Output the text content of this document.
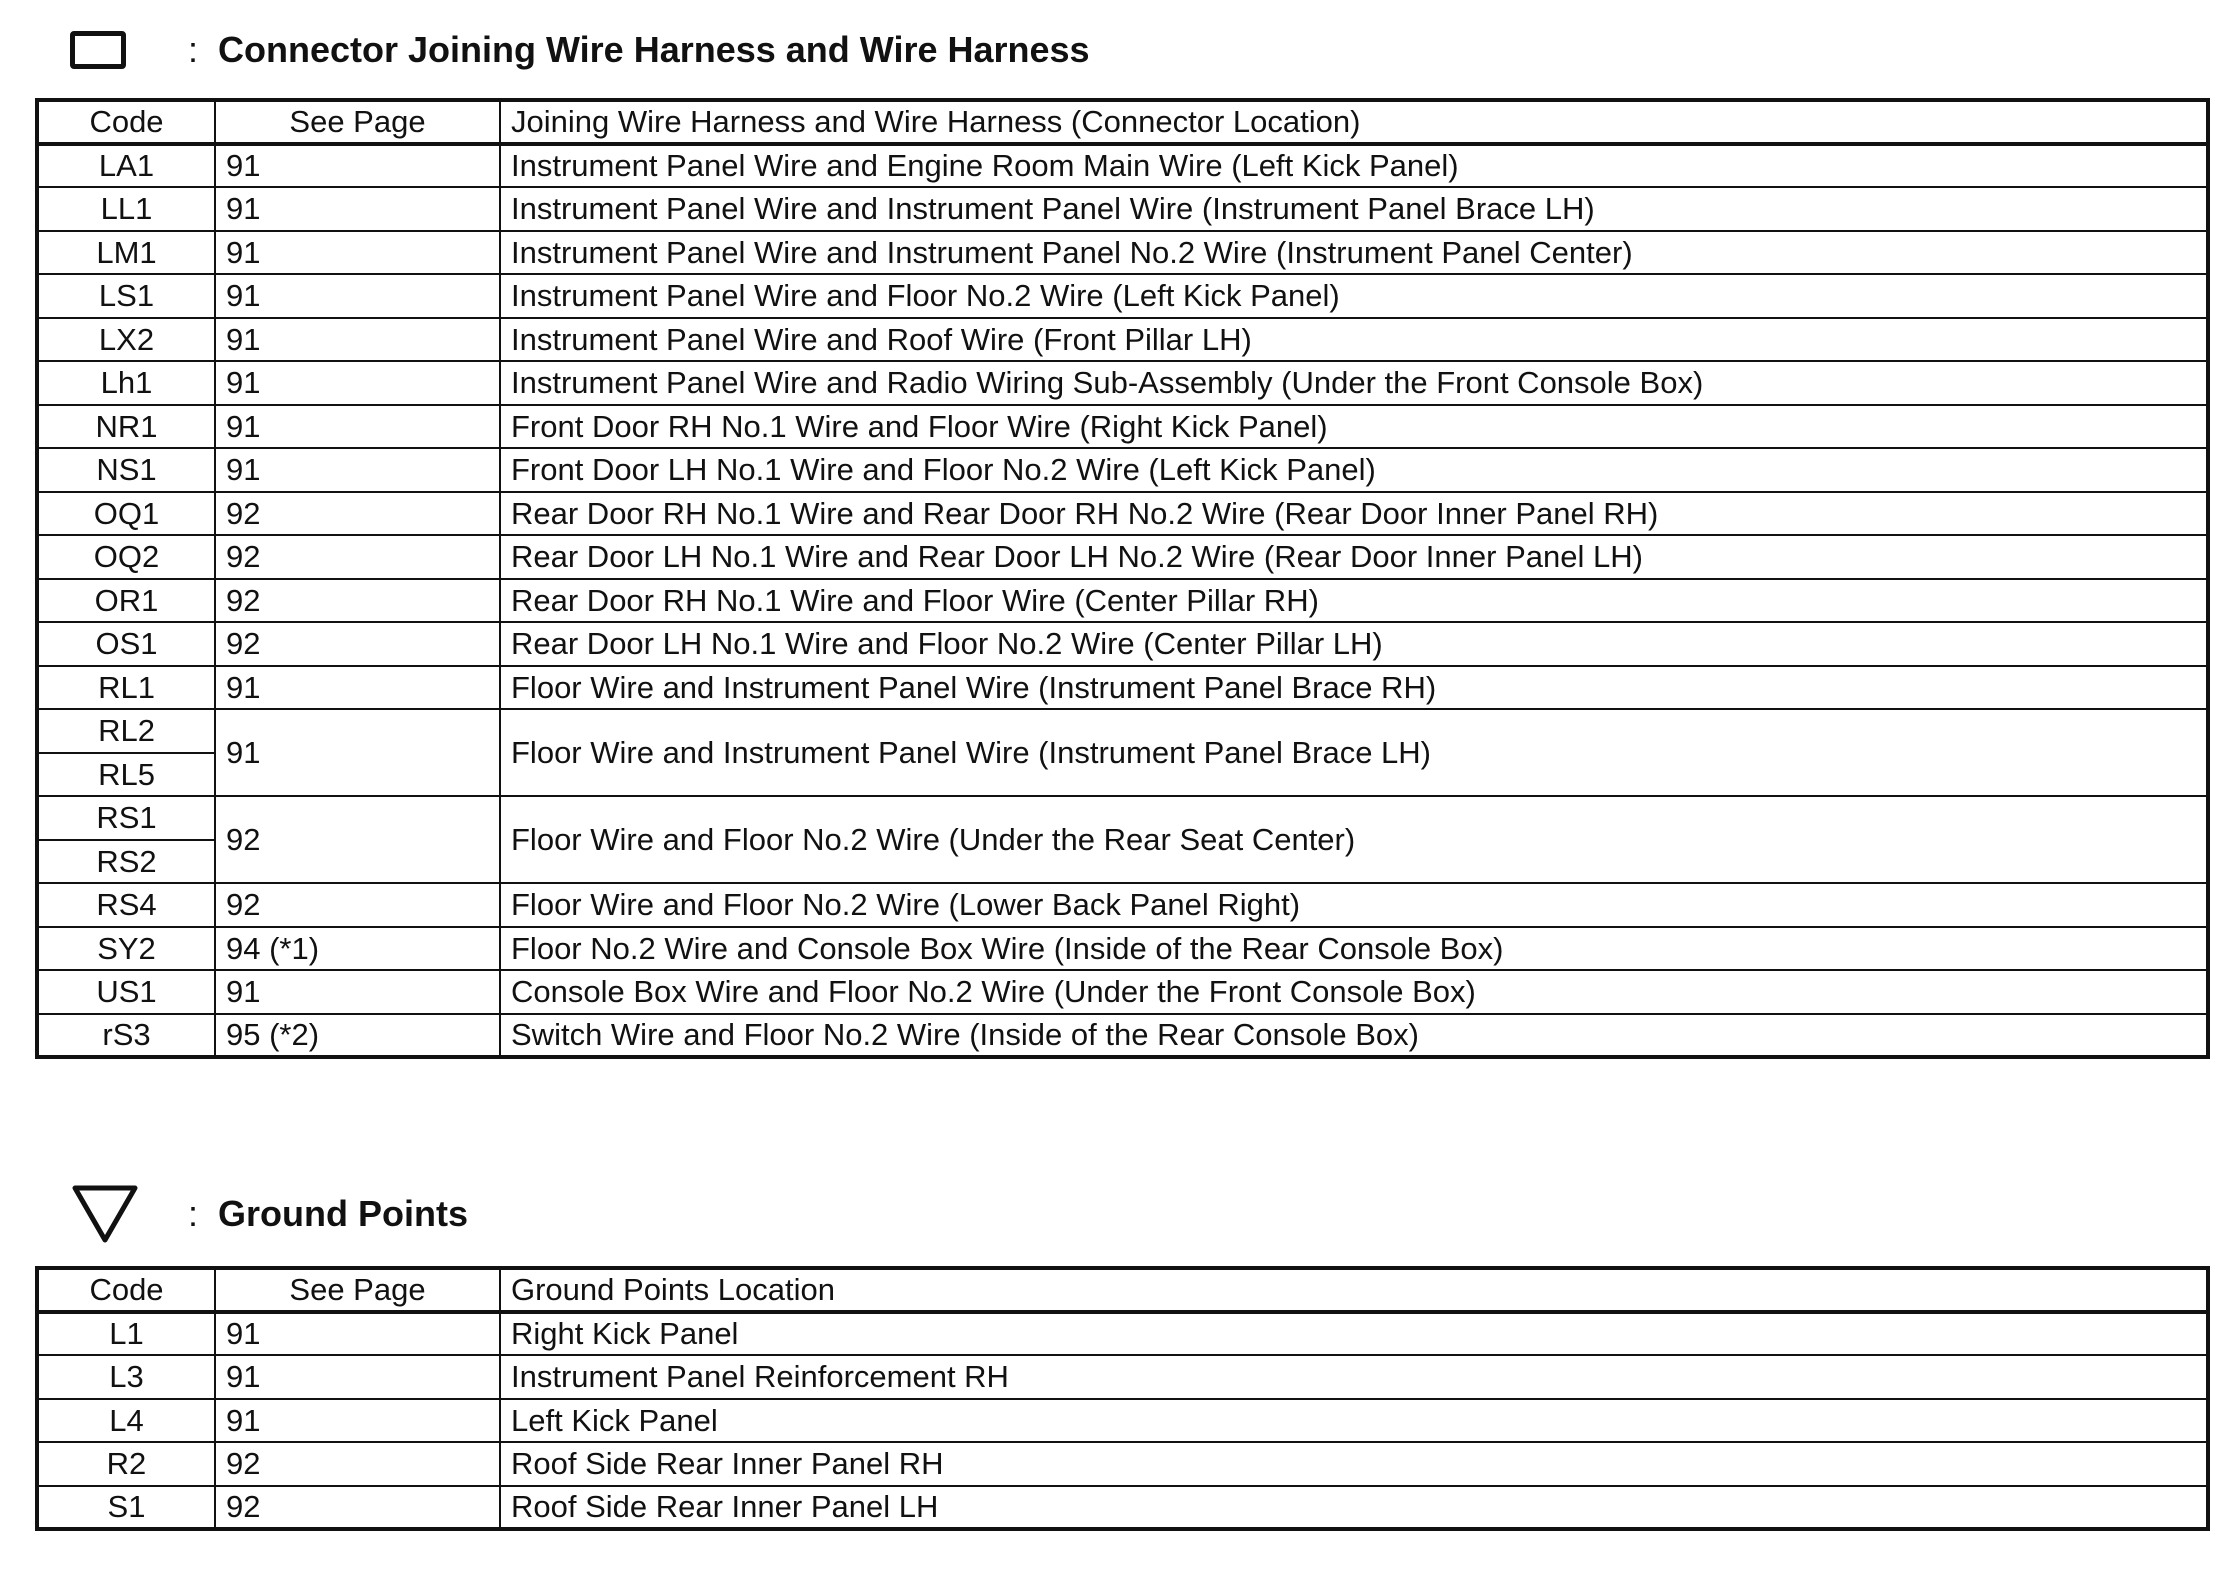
: Connector Joining Wire Harness and Wire Harness
Code	See Page	Joining Wire Harness and Wire Harness (Connector Location)
LA1	91	Instrument Panel Wire and Engine Room Main Wire (Left Kick Panel)
LL1	91	Instrument Panel Wire and Instrument Panel Wire (Instrument Panel Brace LH)
LM1	91	Instrument Panel Wire and Instrument Panel No.2 Wire (Instrument Panel Center)
LS1	91	Instrument Panel Wire and Floor No.2 Wire (Left Kick Panel)
LX2	91	Instrument Panel Wire and Roof Wire (Front Pillar LH)
Lh1	91	Instrument Panel Wire and Radio Wiring Sub-Assembly (Under the Front Console Box)
NR1	91	Front Door RH No.1 Wire and Floor Wire (Right Kick Panel)
NS1	91	Front Door LH No.1 Wire and Floor No.2 Wire (Left Kick Panel)
OQ1	92	Rear Door RH No.1 Wire and Rear Door RH No.2 Wire (Rear Door Inner Panel RH)
OQ2	92	Rear Door LH No.1 Wire and Rear Door LH No.2 Wire (Rear Door Inner Panel LH)
OR1	92	Rear Door RH No.1 Wire and Floor Wire (Center Pillar RH)
OS1	92	Rear Door LH No.1 Wire and Floor No.2 Wire (Center Pillar LH)
RL1	91	Floor Wire and Instrument Panel Wire (Instrument Panel Brace RH)
RL2	91	Floor Wire and Instrument Panel Wire (Instrument Panel Brace LH)
RL5		
RS1	92	Floor Wire and Floor No.2 Wire (Under the Rear Seat Center)
RS2		
RS4	92	Floor Wire and Floor No.2 Wire (Lower Back Panel Right)
SY2	94 (*1)	Floor No.2 Wire and Console Box Wire (Inside of the Rear Console Box)
US1	91	Console Box Wire and Floor No.2 Wire (Under the Front Console Box)
rS3	95 (*2)	Switch Wire and Floor No.2 Wire (Inside of the Rear Console Box)
: Ground Points
Code	See Page	Ground Points Location
L1	91	Right Kick Panel
L3	91	Instrument Panel Reinforcement RH
L4	91	Left Kick Panel
R2	92	Roof Side Rear Inner Panel RH
S1	92	Roof Side Rear Inner Panel LH
